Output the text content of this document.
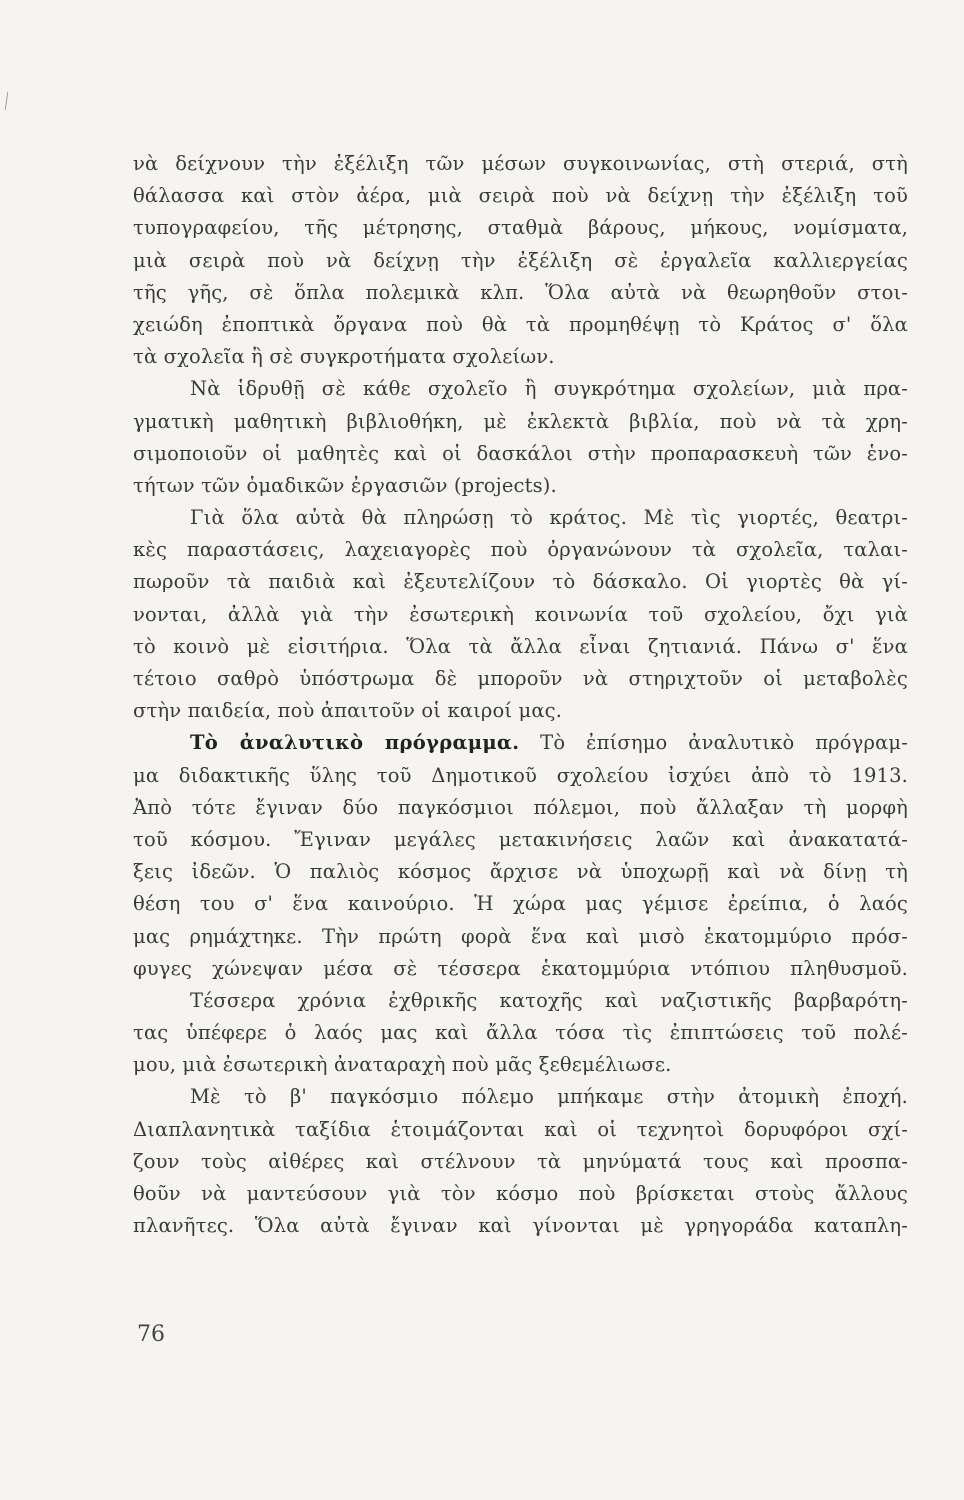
νὰ δείχνουν τὴν ἐξέλιξη τῶν μέσων συγκοινωνίας, στὴ στεριά, στὴ
θάλασσα καὶ στὸν ἀέρα, μιὰ σειρὰ ποὺ νὰ δείχνῃ τὴν ἐξέλιξη τοῦ
τυπογραφείου, τῆς μέτρησης, σταθμὰ βάρους, μήκους, νομίσματα,
μιὰ σειρὰ ποὺ νὰ δείχνῃ τὴν ἐξέλιξη σὲ ἐργαλεῖα καλλιεργείας
τῆς γῆς, σὲ ὅπλα πολεμικὰ κλπ. Ὅλα αὐτὰ νὰ θεωρηθοῦν στοι-
χειώδη ἐποπτικὰ ὄργανα ποὺ θὰ τὰ προμηθέψῃ τὸ Κράτος σ' ὅλα
τὰ σχολεῖα ἢ σὲ συγκροτήματα σχολείων.
Νὰ ἱδρυθῇ σὲ κάθε σχολεῖο ἢ συγκρότημα σχολείων, μιὰ πρα-
γματικὴ μαθητικὴ βιβλιοθήκη, μὲ ἐκλεκτὰ βιβλία, ποὺ νὰ τὰ χρη-
σιμοποιοῦν οἱ μαθητὲς καὶ οἱ δασκάλοι στὴν προπαρασκευὴ τῶν ἑνο-
τήτων τῶν ὁμαδικῶν ἐργασιῶν (projects).
Γιὰ ὅλα αὐτὰ θὰ πληρώσῃ τὸ κράτος. Μὲ τὶς γιορτές, θεατρι-
κὲς παραστάσεις, λαχειαγορὲς ποὺ ὀργανώνουν τὰ σχολεῖα, ταλαι-
πωροῦν τὰ παιδιὰ καὶ ἐξευτελίζουν τὸ δάσκαλο. Οἱ γιορτὲς θὰ γί-
νονται, ἀλλὰ γιὰ τὴν ἐσωτερικὴ κοινωνία τοῦ σχολείου, ὄχι γιὰ
τὸ κοινὸ μὲ εἰσιτήρια. Ὅλα τὰ ἄλλα εἶναι ζητιανιά. Πάνω σ' ἕνα
τέτοιο σαθρὸ ὑπόστρωμα δὲ μποροῦν νὰ στηριχτοῦν οἱ μεταβολὲς
στὴν παιδεία, ποὺ ἀπαιτοῦν οἱ καιροί μας.
Τὸ ἀναλυτικὸ πρόγραμμα. Τὸ ἐπίσημο ἀναλυτικὸ πρόγραμ-
μα διδακτικῆς ὕλης τοῦ Δημοτικοῦ σχολείου ἰσχύει ἀπὸ τὸ 1913.
Ἀπὸ τότε ἔγιναν δύο παγκόσμιοι πόλεμοι, ποὺ ἄλλαξαν τὴ μορφὴ
τοῦ κόσμου. Ἔγιναν μεγάλες μετακινήσεις λαῶν καὶ ἀνακατατά-
ξεις ἰδεῶν. Ὁ παλιὸς κόσμος ἄρχισε νὰ ὑποχωρῇ καὶ νὰ δίνῃ τὴ
θέση του σ' ἕνα καινούριο. Ἡ χώρα μας γέμισε ἐρείπια, ὁ λαός
μας ρημάχτηκε. Τὴν πρώτη φορὰ ἕνα καὶ μισὸ ἑκατομμύριο πρόσ-
φυγες χώνεψαν μέσα σὲ τέσσερα ἑκατομμύρια ντόπιου πληθυσμοῦ.
Τέσσερα χρόνια ἐχθρικῆς κατοχῆς καὶ ναζιστικῆς βαρβαρότη-
τας ὑπέφερε ὁ λαός μας καὶ ἄλλα τόσα τὶς ἐπιπτώσεις τοῦ πολέ-
μου, μιὰ ἐσωτερικὴ ἀναταραχὴ ποὺ μᾶς ξεθεμέλιωσε.
Μὲ τὸ β' παγκόσμιο πόλεμο μπήκαμε στὴν ἀτομικὴ ἐποχή.
Διαπλανητικὰ ταξίδια ἑτοιμάζονται καὶ οἱ τεχνητοὶ δορυφόροι σχί-
ζουν τοὺς αἰθέρες καὶ στέλνουν τὰ μηνύματά τους καὶ προσπα-
θοῦν νὰ μαντεύσουν γιὰ τὸν κόσμο ποὺ βρίσκεται στοὺς ἄλλους
πλανῆτες. Ὅλα αὐτὰ ἔγιναν καὶ γίνονται μὲ γρηγοράδα καταπλη-
76
